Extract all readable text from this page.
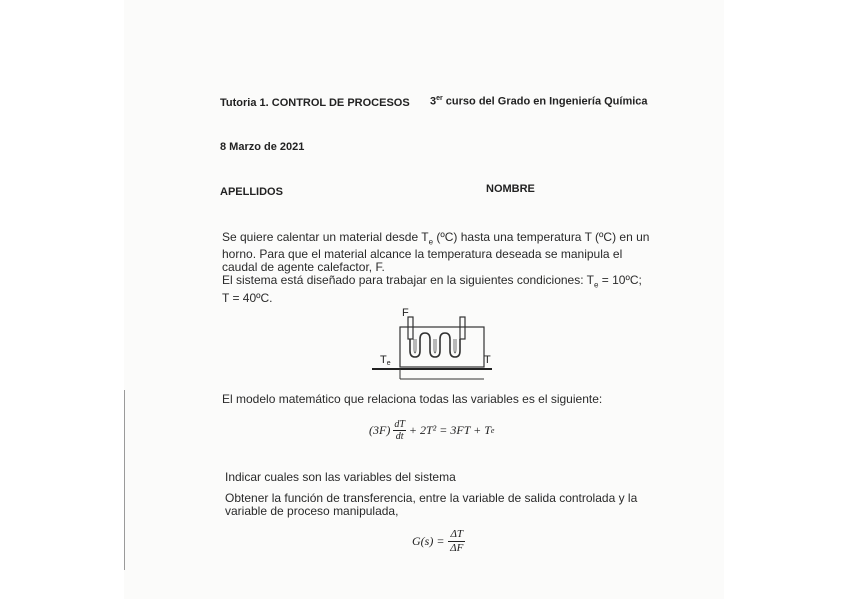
Tutoria 1. CONTROL DE PROCESOS 3er curso del Grado en Ingeniería Química
8 Marzo de 2021
APELLIDOS	NOMBRE
Se quiere calentar un material desde $T_e$ (ºC) hasta una temperatura T (ºC) en un
horno. Para que el material alcance la temperatura deseada se manipula el
caudal de agente calefactor, F.
El sistema está diseñado para trabajar en la siguientes condiciones: $T_e$ = 10ºC;
T = 40ºC.
F
Te	T
El modelo matemático que relaciona todas las variables es el siguiente:
(3F) dT
dt + 2T² = 3FT + T e
Indicar cuales son las variables del sistema
Obtener la función de transferencia, entre la variable de salida controlada y la
variable de proceso manipulada,
$G(s) = \frac{\Delta T}{\Delta F}$
